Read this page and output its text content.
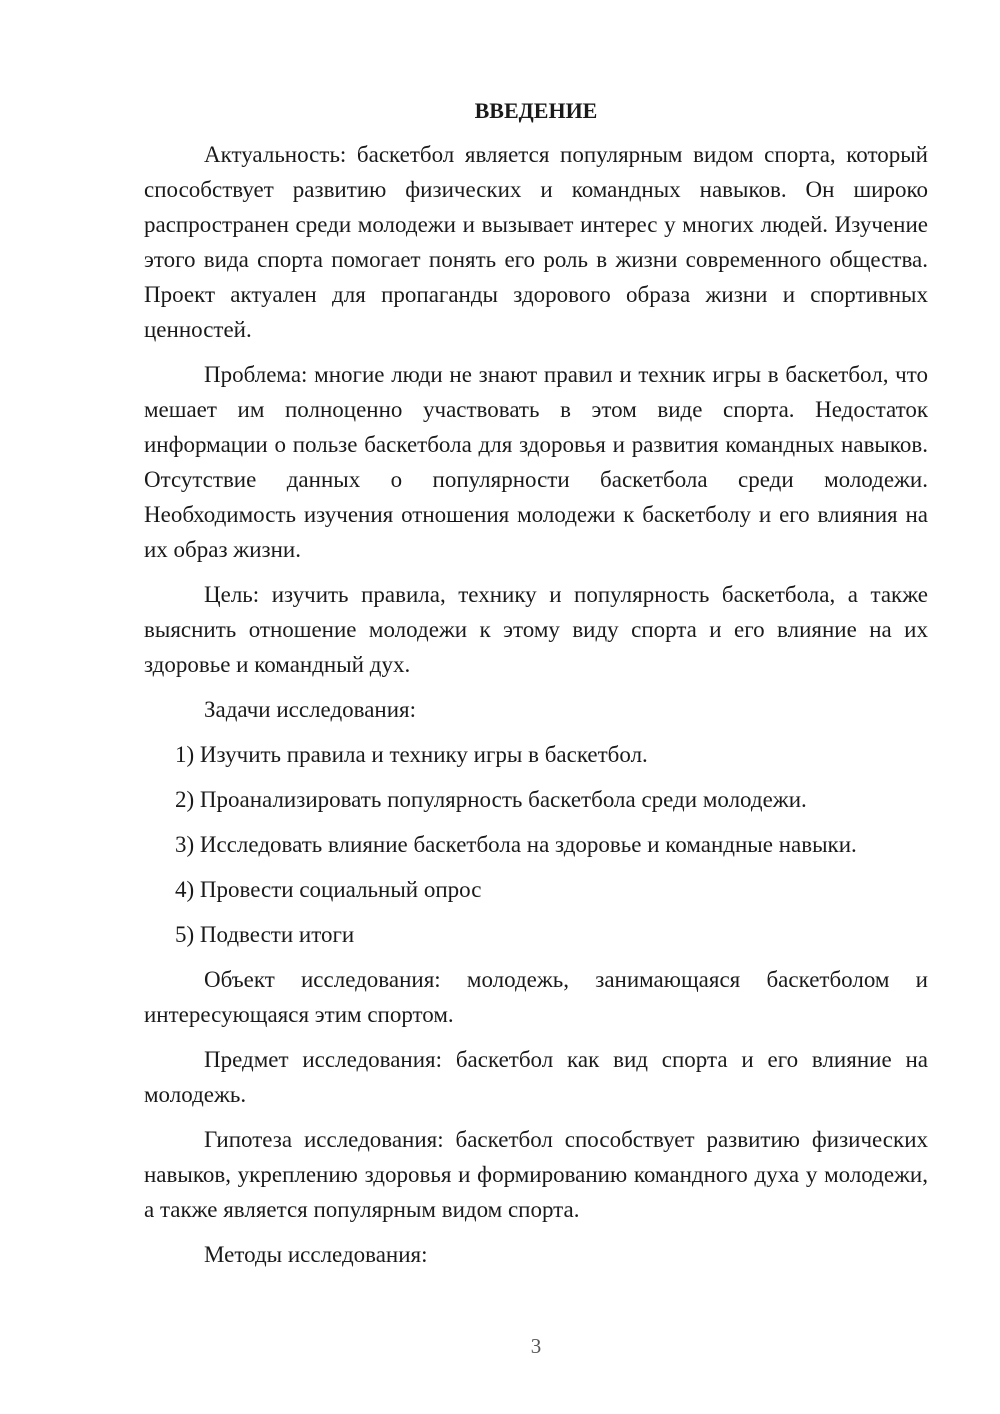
ВВЕДЕНИЕ

Актуальность: баскетбол является популярным видом спорта, который способствует развитию физических и командных навыков. Он широко распространен среди молодежи и вызывает интерес у многих людей. Изучение этого вида спорта помогает понять его роль в жизни современного общества. Проект актуален для пропаганды здорового образа жизни и спортивных ценностей.

Проблема: многие люди не знают правил и техник игры в баскетбол, что мешает им полноценно участвовать в этом виде спорта. Недостаток информации о пользе баскетбола для здоровья и развития командных навыков. Отсутствие данных о популярности баскетбола среди молодежи. Необходимость изучения отношения молодежи к баскетболу и его влияния на их образ жизни.

Цель: изучить правила, технику и популярность баскетбола, а также выяснить отношение молодежи к этому виду спорта и его влияние на их здоровье и командный дух.

Задачи исследования:

1) Изучить правила и технику игры в баскетбол.

2) Проанализировать популярность баскетбола среди молодежи.

3) Исследовать влияние баскетбола на здоровье и командные навыки.

4) Провести социальный опрос

5) Подвести итоги

Объект исследования: молодежь, занимающаяся баскетболом и интересующаяся этим спортом.

Предмет исследования: баскетбол как вид спорта и его влияние на молодежь.

Гипотеза исследования: баскетбол способствует развитию физических навыков, укреплению здоровья и формированию командного духа у молодежи, а также является популярным видом спорта.

Методы исследования:

3
